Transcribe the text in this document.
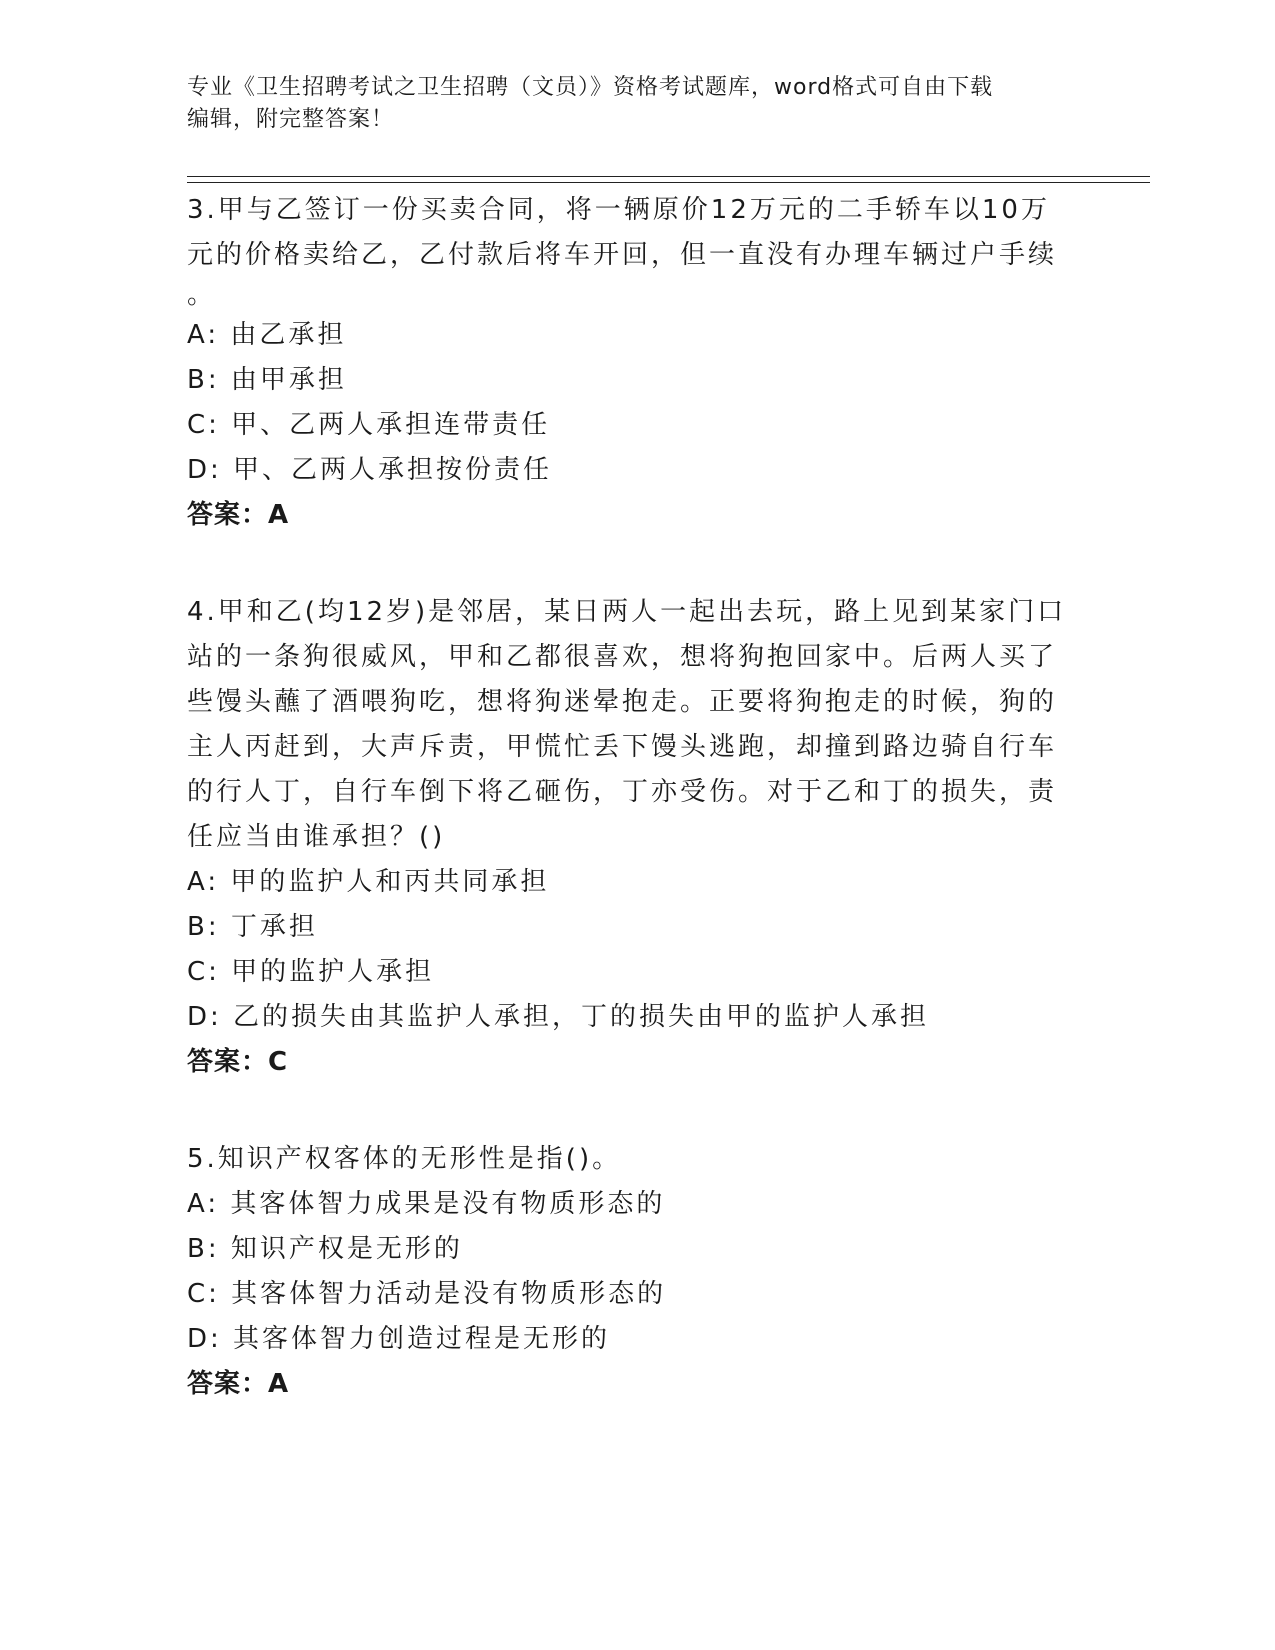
专业《卫生招聘考试之卫生招聘（文员）》资格考试题库，word格式可自由下载
编辑，附完整答案！
3.甲与乙签订一份买卖合同，将一辆原价12万元的二手轿车以10万
元的价格卖给乙，乙付款后将车开回，但一直没有办理车辆过户手续
。
A: 由乙承担
B: 由甲承担
C: 甲、乙两人承担连带责任
D: 甲、乙两人承担按份责任
答案：A
4.甲和乙(均12岁)是邻居，某日两人一起出去玩，路上见到某家门口
站的一条狗很威风，甲和乙都很喜欢，想将狗抱回家中。后两人买了
些馒头蘸了酒喂狗吃，想将狗迷晕抱走。正要将狗抱走的时候，狗的
主人丙赶到，大声斥责，甲慌忙丢下馒头逃跑，却撞到路边骑自行车
的行人丁，自行车倒下将乙砸伤，丁亦受伤。对于乙和丁的损失，责
任应当由谁承担？()
A: 甲的监护人和丙共同承担
B: 丁承担
C: 甲的监护人承担
D: 乙的损失由其监护人承担，丁的损失由甲的监护人承担
答案：C
5.知识产权客体的无形性是指()。
A: 其客体智力成果是没有物质形态的
B: 知识产权是无形的
C: 其客体智力活动是没有物质形态的
D: 其客体智力创造过程是无形的
答案：A
